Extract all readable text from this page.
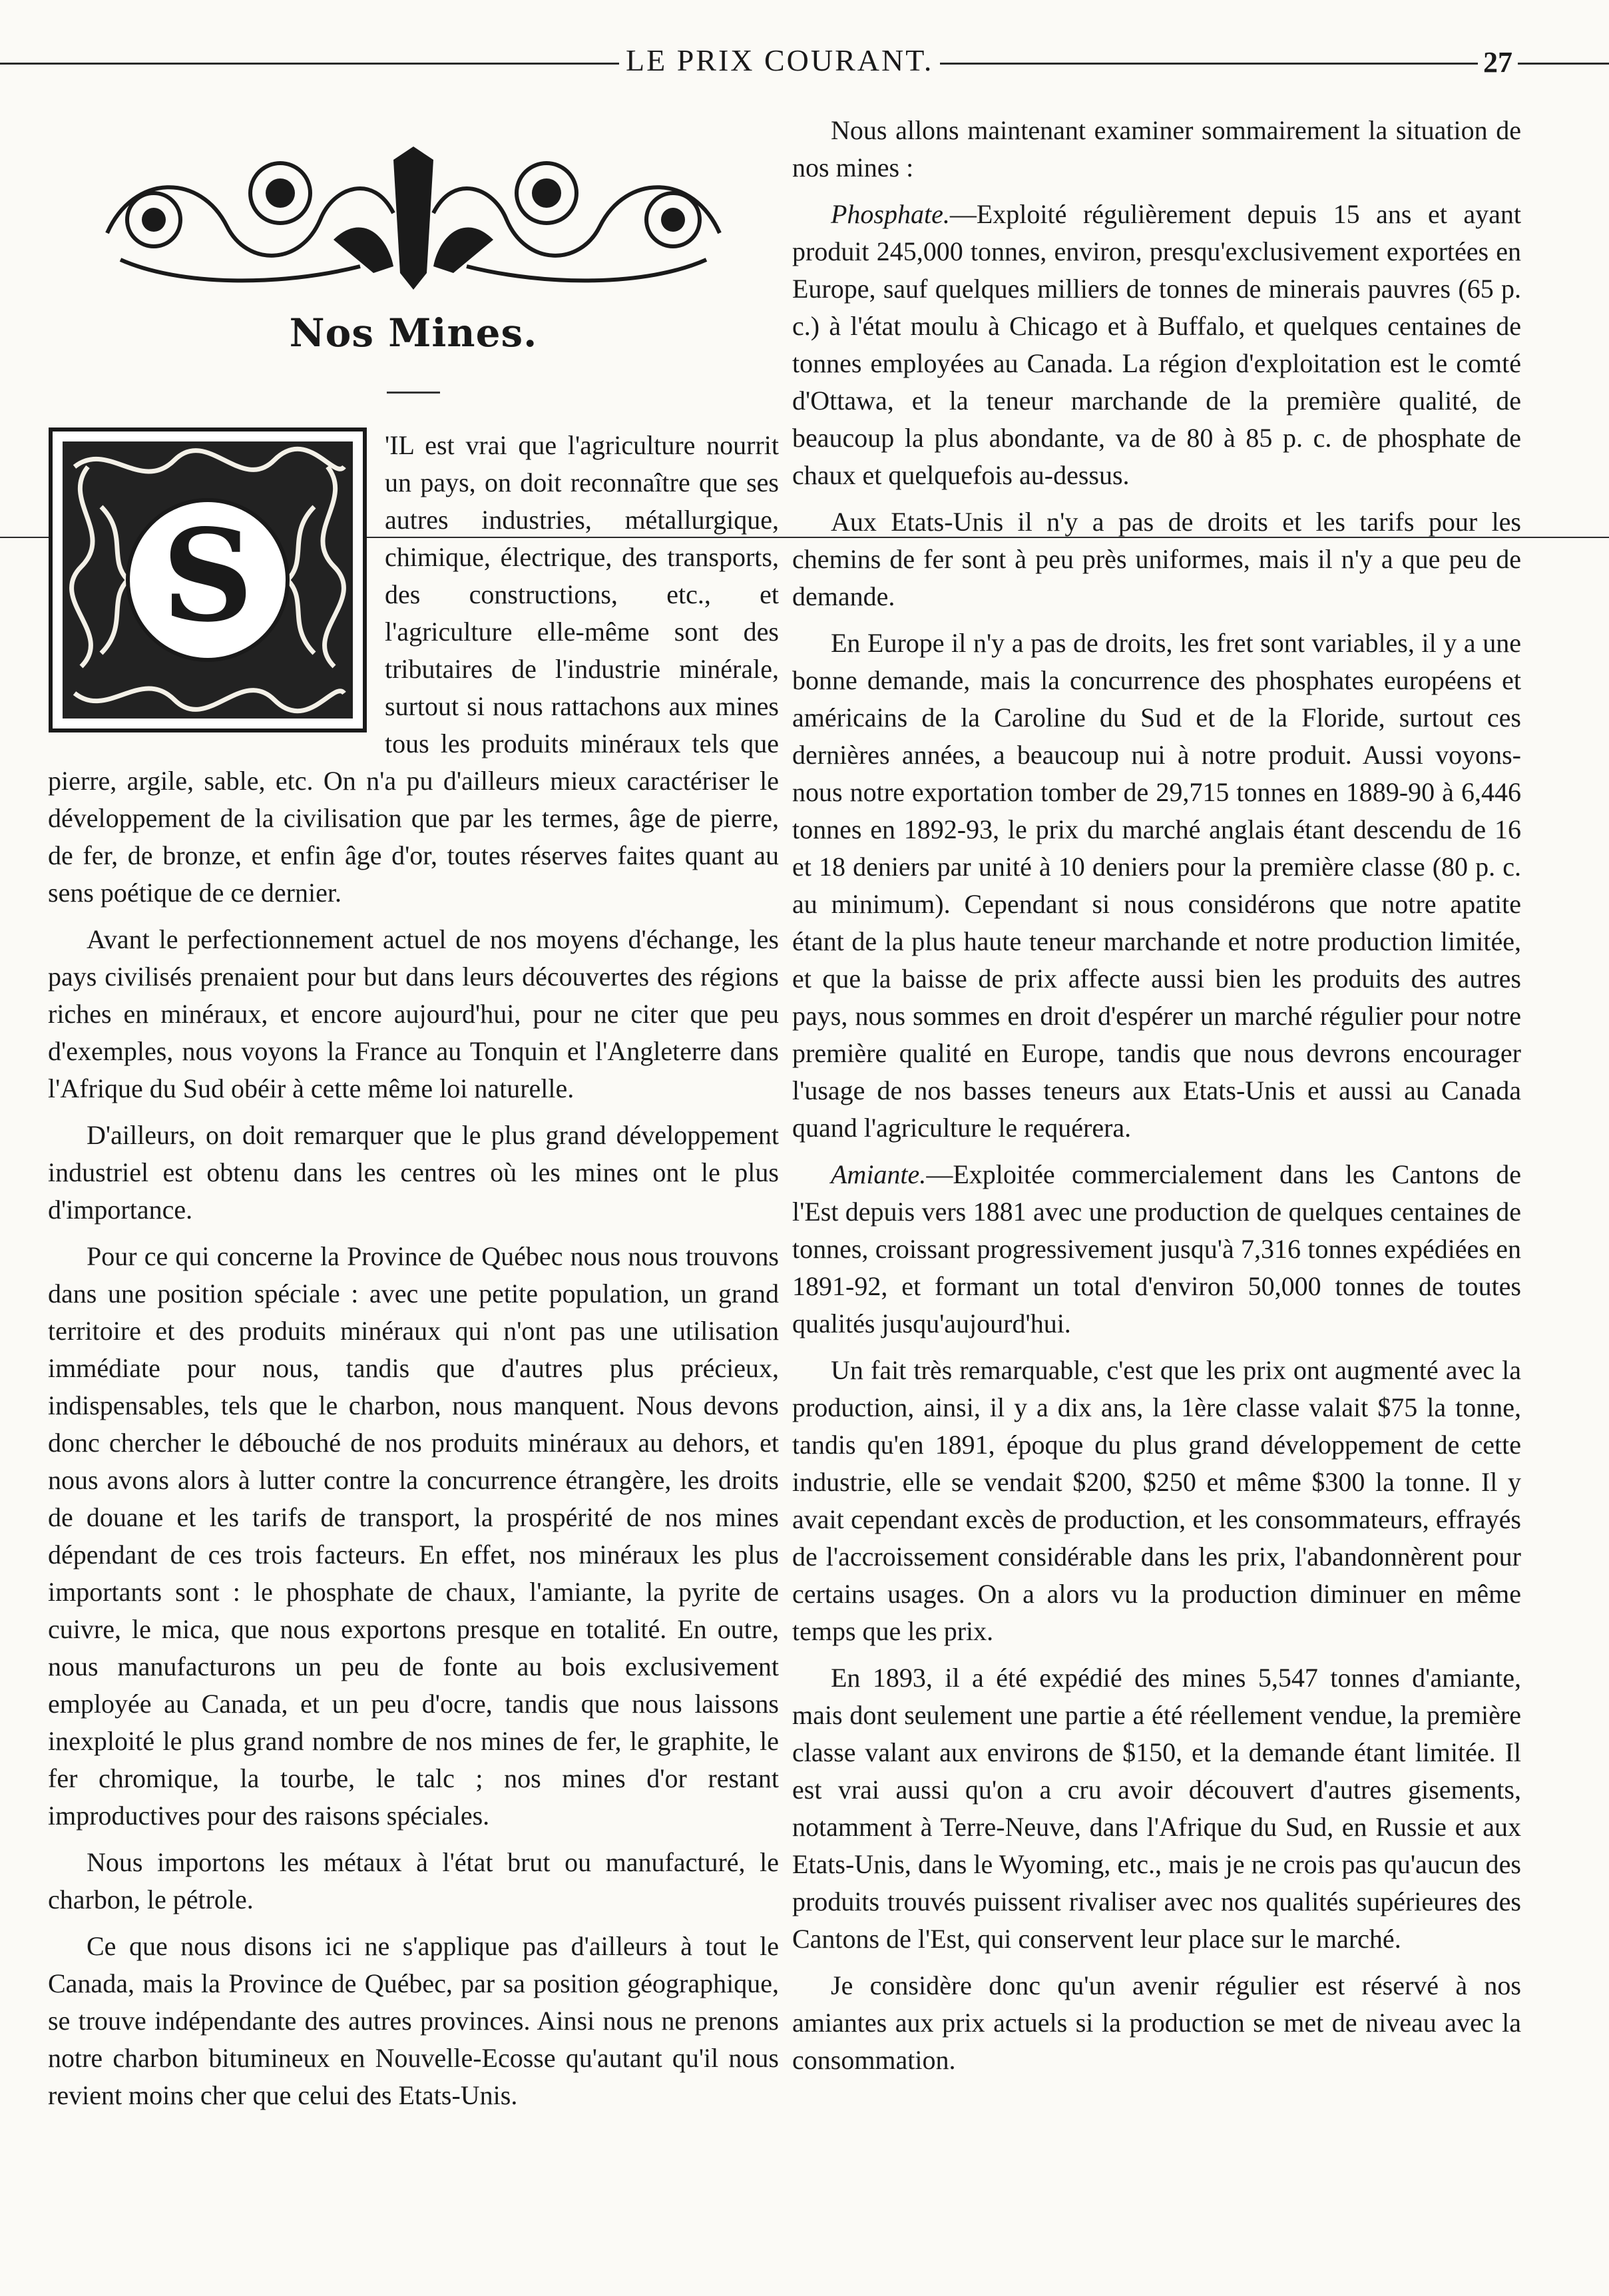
LE PRIX COURANT.	27
Nos Mines.
S

'IL est vrai que l'agriculture nourrit un pays, on doit reconnaître que ses autres industries, métallurgique, chimique, électrique, des transports, des constructions, etc., et l'agriculture elle-même sont des tributaires de l'industrie minérale, surtout si nous rattachons aux mines tous les produits minéraux tels que pierre, argile, sable, etc. On n'a pu d'ailleurs mieux caractériser le développement de la civilisation que par les termes, âge de pierre, de fer, de bronze, et enfin âge d'or, toutes réserves faites quant au sens poétique de ce dernier.

Avant le perfectionnement actuel de nos moyens d'échange, les pays civilisés prenaient pour but dans leurs découvertes des régions riches en minéraux, et encore aujourd'hui, pour ne citer que peu d'exemples, nous voyons la France au Tonquin et l'Angleterre dans l'Afrique du Sud obéir à cette même loi naturelle.

D'ailleurs, on doit remarquer que le plus grand développement industriel est obtenu dans les centres où les mines ont le plus d'importance.

Pour ce qui concerne la Province de Québec nous nous trouvons dans une position spéciale : avec une petite population, un grand territoire et des produits minéraux qui n'ont pas une utilisation immédiate pour nous, tandis que d'autres plus précieux, indispensables, tels que le charbon, nous manquent. Nous devons donc chercher le débouché de nos produits minéraux au dehors, et nous avons alors à lutter contre la concurrence étrangère, les droits de douane et les tarifs de transport, la prospérité de nos mines dépendant de ces trois facteurs. En effet, nos minéraux les plus importants sont : le phosphate de chaux, l'amiante, la pyrite de cuivre, le mica, que nous exportons presque en totalité. En outre, nous manufacturons un peu de fonte au bois exclusivement employée au Canada, et un peu d'ocre, tandis que nous laissons inexploité le plus grand nombre de nos mines de fer, le graphite, le fer chromique, la tourbe, le talc ; nos mines d'or restant improductives pour des raisons spéciales.

Nous importons les métaux à l'état brut ou manufacturé, le charbon, le pétrole.

Ce que nous disons ici ne s'applique pas d'ailleurs à tout le Canada, mais la Province de Québec, par sa position géographique, se trouve indépendante des autres provinces. Ainsi nous ne prenons notre charbon bitumineux en Nouvelle-Ecosse qu'autant qu'il nous revient moins cher que celui des Etats-Unis.

Nous allons maintenant examiner sommairement la situation de nos mines :

Phosphate.—Exploité régulièrement depuis 15 ans et ayant produit 245,000 tonnes, environ, presqu'exclusivement exportées en Europe, sauf quelques milliers de tonnes de minerais pauvres (65 p. c.) à l'état moulu à Chicago et à Buffalo, et quelques centaines de tonnes employées au Canada. La région d'exploitation est le comté d'Ottawa, et la teneur marchande de la première qualité, de beaucoup la plus abondante, va de 80 à 85 p. c. de phosphate de chaux et quelquefois au-dessus.

Aux Etats-Unis il n'y a pas de droits et les tarifs pour les chemins de fer sont à peu près uniformes, mais il n'y a que peu de demande.

En Europe il n'y a pas de droits, les fret sont variables, il y a une bonne demande, mais la concurrence des phosphates européens et américains de la Caroline du Sud et de la Floride, surtout ces dernières années, a beaucoup nui à notre produit. Aussi voyons-nous notre exportation tomber de 29,715 tonnes en 1889-90 à 6,446 tonnes en 1892-93, le prix du marché anglais étant descendu de 16 et 18 deniers par unité à 10 deniers pour la première classe (80 p. c. au minimum). Cependant si nous considérons que notre apatite étant de la plus haute teneur marchande et notre production limitée, et que la baisse de prix affecte aussi bien les produits des autres pays, nous sommes en droit d'espérer un marché régulier pour notre première qualité en Europe, tandis que nous devrons encourager l'usage de nos basses teneurs aux Etats-Unis et aussi au Canada quand l'agriculture le requérera.

Amiante.—Exploitée commercialement dans les Cantons de l'Est depuis vers 1881 avec une production de quelques centaines de tonnes, croissant progressivement jusqu'à 7,316 tonnes expédiées en 1891-92, et formant un total d'environ 50,000 tonnes de toutes qualités jusqu'aujourd'hui.

Un fait très remarquable, c'est que les prix ont augmenté avec la production, ainsi, il y a dix ans, la 1ère classe valait $75 la tonne, tandis qu'en 1891, époque du plus grand développement de cette industrie, elle se vendait $200, $250 et même $300 la tonne. Il y avait cependant excès de production, et les consommateurs, effrayés de l'accroissement considérable dans les prix, l'abandonnèrent pour certains usages. On a alors vu la production diminuer en même temps que les prix.

En 1893, il a été expédié des mines 5,547 tonnes d'amiante, mais dont seulement une partie a été réellement vendue, la première classe valant aux environs de $150, et la demande étant limitée. Il est vrai aussi qu'on a cru avoir découvert d'autres gisements, notamment à Terre-Neuve, dans l'Afrique du Sud, en Russie et aux Etats-Unis, dans le Wyoming, etc., mais je ne crois pas qu'aucun des produits trouvés puissent rivaliser avec nos qualités supérieures des Cantons de l'Est, qui conservent leur place sur le marché.

Je considère donc qu'un avenir régulier est réservé à nos amiantes aux prix actuels si la production se met de niveau avec la consommation.
